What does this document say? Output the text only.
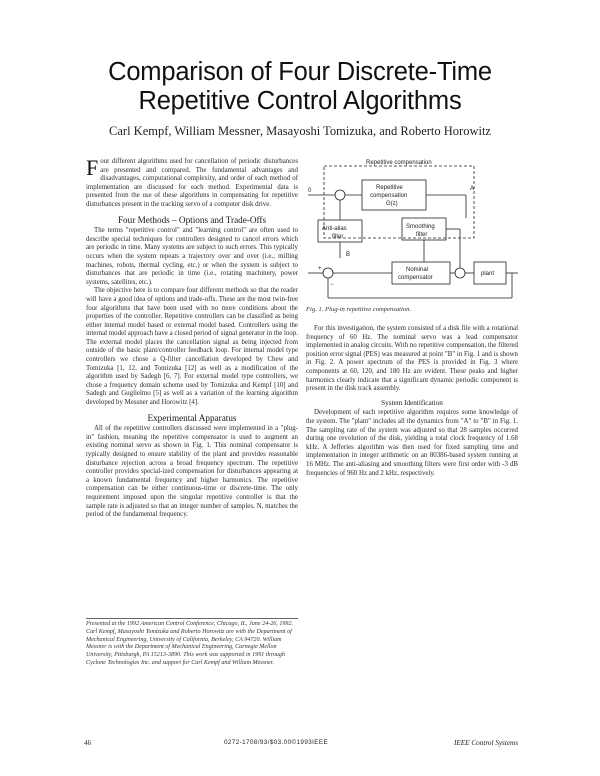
Comparison of Four Discrete-Time
Repetitive Control Algorithms
Carl Kempf, William Messner, Masayoshi Tomizuka, and Roberto Horowitz

Four different algorithms used for cancellation of periodic disturbances are presented and compared. The fundamental advantages and disadvantages, computational complexity, and order of each method of implementation are discussed for each method. Experimental data is presented from the use of these algorithms in compensating for repetitive disturbances present in the tracking servo of a computer disk drive.

Four Methods – Options and Trade-Offs

The terms "repetitive control" and "learning control" are often used to describe special techniques for controllers designed to cancel errors which are periodic in time. Many systems are subject to such errors. This typically occurs when the system repeats a trajectory over and over (i.e., milling machines, robots, thermal cycling, etc.) or when the system is subject to disturbances that are periodic in time (i.e., rotating machinery, power systems, satellites, etc.).

The objective here is to compare four different methods so that the reader will have a good idea of options and trade-offs. These are the most twin-free four algorithms that have been used with no more conditions about the properties of the controller. Repetitive controllers can be classified as being either internal model based or external model based. Controllers using the internal model approach have a closed period of signal generator in the loop. The external model places the cancellation signal as being injected from outside of the basic plant/controller feedback loop. For internal model type controllers we chose a Q-filter cancellation developed by Chew and Tomizuka [1, 12, and Tomizuka [12] as well as a modification of the algorithm used by Sadegh [6, 7]. For external model type controllers, we chose a frequency domain scheme used by Tomizuka and Kempf [10] and Sadegh and Guglielmo [5] as well as a variation of the learning algorithm developed by Messner and Horowitz [4].

Experimental Apparatus

All of the repetitive controllers discussed were implemented in a "plug-in" fashion, meaning the repetitive compensator is used to augment an existing nominal servo as shown in Fig. 1. This nominal compensator is typically designed to ensure stability of the plant and provides reasonable disturbance rejection across a broad frequency spectrum. The repetitive controller provides special-ized compensation for disturbances appearing at a known fundamental frequency and higher harmonics. The repetitive compensation can be either continuous-time or discrete-time. The only requirement imposed upon the singular repetitive controller is that the sample rate is adjusted so that an integer number of samples, N, matches the period of the fundamental frequency.

Presented at the 1992 American Control Conference, Chicago, IL, June 24-26, 1992. Carl Kempf, Masayoshi Tomizuka and Roberto Horowitz are with the Department of Mechanical Engineering, University of California, Berkeley, CA 94720. William Messner is with the Department of Mechanical Engineering, Carnegie Mellon University, Pittsburgh, PA 15213-3890. This work was supported in 1991 through Cyclone Technologies Inc. and support for Carl Kempf and William Messner.
Repetitive compensation
Repetitive
compensation
G(z)
Anti-alias
filter
Smoothing
filter
Nominal
compensator
plant
A
B
0
+
−
Fig. 1. Plug-in repetitive compensation.

For this investigation, the system consisted of a disk file with a rotational frequency of 60 Hz. The nominal servo was a lead compensator implemented in analog circuits. With no repetitive compensation, the filtered position error signal (PES) was measured at point "B" in Fig. 1 and is shown in Fig. 2. A power spectrum of the PES is provided in Fig. 3 where components at 60, 120, and 180 Hz are evident. These peaks and higher harmonics clearly indicate that a significant dynamic periodic component is present in the disk track assembly.

System Identification

Development of each repetitive algorithm requires some knowledge of the system. The "plant" includes all the dynamics from "A" to "B" in Fig. 1. The sampling rate of the system was adjusted so that 28 samples occurred during one revolution of the disk, yielding a total clock frequency of 1.68 kHz. A Jefferies algorithm was then used for fixed sampling time and implementation in integer arithmetic on an 80386-based system running at 16 MHz. The anti-aliasing and smoothing filters were first order with -3 dB frequencies of 960 Hz and 2 kHz, respectively.

46	0272-1708/93/$03.00©1993IEEE	IEEE Control Systems
